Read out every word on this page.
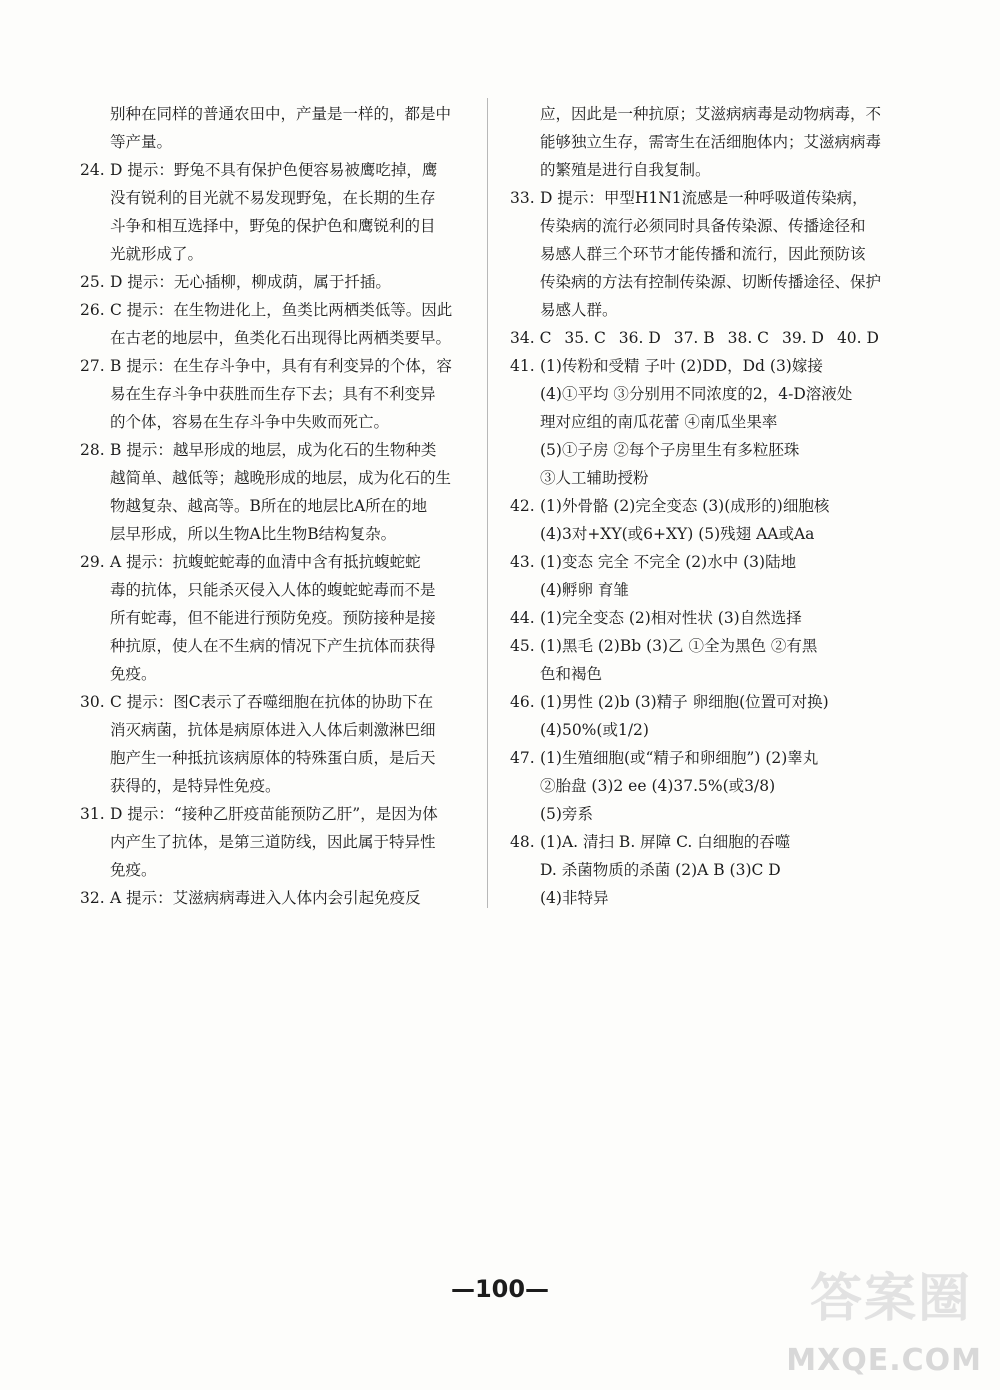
别种在同样的普通农田中，产量是一样的，都是中
等产量。
24. D 提示：野兔不具有保护色便容易被鹰吃掉，鹰
没有锐利的目光就不易发现野兔，在长期的生存
斗争和相互选择中，野兔的保护色和鹰锐利的目
光就形成了。
25. D 提示：无心插柳，柳成荫，属于扦插。
26. C 提示：在生物进化上，鱼类比两栖类低等。因此
在古老的地层中，鱼类化石出现得比两栖类要早。
27. B 提示：在生存斗争中，具有有利变异的个体，容
易在生存斗争中获胜而生存下去；具有不利变异
的个体，容易在生存斗争中失败而死亡。
28. B 提示：越早形成的地层，成为化石的生物种类
越简单、越低等；越晚形成的地层，成为化石的生
物越复杂、越高等。B所在的地层比A所在的地
层早形成，所以生物A比生物B结构复杂。
29. A 提示：抗蝮蛇蛇毒的血清中含有抵抗蝮蛇蛇
毒的抗体，只能杀灭侵入人体的蝮蛇蛇毒而不是
所有蛇毒，但不能进行预防免疫。预防接种是接
种抗原，使人在不生病的情况下产生抗体而获得
免疫。
30. C 提示：图C表示了吞噬细胞在抗体的协助下在
消灭病菌，抗体是病原体进入人体后刺激淋巴细
胞产生一种抵抗该病原体的特殊蛋白质，是后天
获得的，是特异性免疫。
31. D 提示：“接种乙肝疫苗能预防乙肝”，是因为体
内产生了抗体，是第三道防线，因此属于特异性
免疫。
32. A 提示：艾滋病病毒进入人体内会引起免疫反
应，因此是一种抗原；艾滋病病毒是动物病毒，不
能够独立生存，需寄生在活细胞体内；艾滋病病毒
的繁殖是进行自我复制。
33. D 提示：甲型H1N1流感是一种呼吸道传染病，
传染病的流行必须同时具备传染源、传播途径和
易感人群三个环节才能传播和流行，因此预防该
传染病的方法有控制传染源、切断传播途径、保护
易感人群。
34. C 35. C 36. D 37. B 38. C 39. D 40. D
41. (1)传粉和受精 子叶 (2)DD，Dd (3)嫁接
(4)①平均 ③分别用不同浓度的2，4-D溶液处
理对应组的南瓜花蕾 ④南瓜坐果率
(5)①子房 ②每个子房里生有多粒胚珠
③人工辅助授粉
42. (1)外骨骼 (2)完全变态 (3)(成形的)细胞核
(4)3对+XY(或6+XY) (5)残翅 AA或Aa
43. (1)变态 完全 不完全 (2)水中 (3)陆地
(4)孵卵 育雏
44. (1)完全变态 (2)相对性状 (3)自然选择
45. (1)黑毛 (2)Bb (3)乙 ①全为黑色 ②有黑
色和褐色
46. (1)男性 (2)b (3)精子 卵细胞(位置可对换)
(4)50%(或1/2)
47. (1)生殖细胞(或“精子和卵细胞”) (2)睾丸
②胎盘 (3)2 ee (4)37.5%(或3/8)
(5)旁系
48. (1)A. 清扫 B. 屏障 C. 白细胞的吞噬
D. 杀菌物质的杀菌 (2)A B (3)C D
(4)非特异
—100—	答案圈
MXQE.COM
